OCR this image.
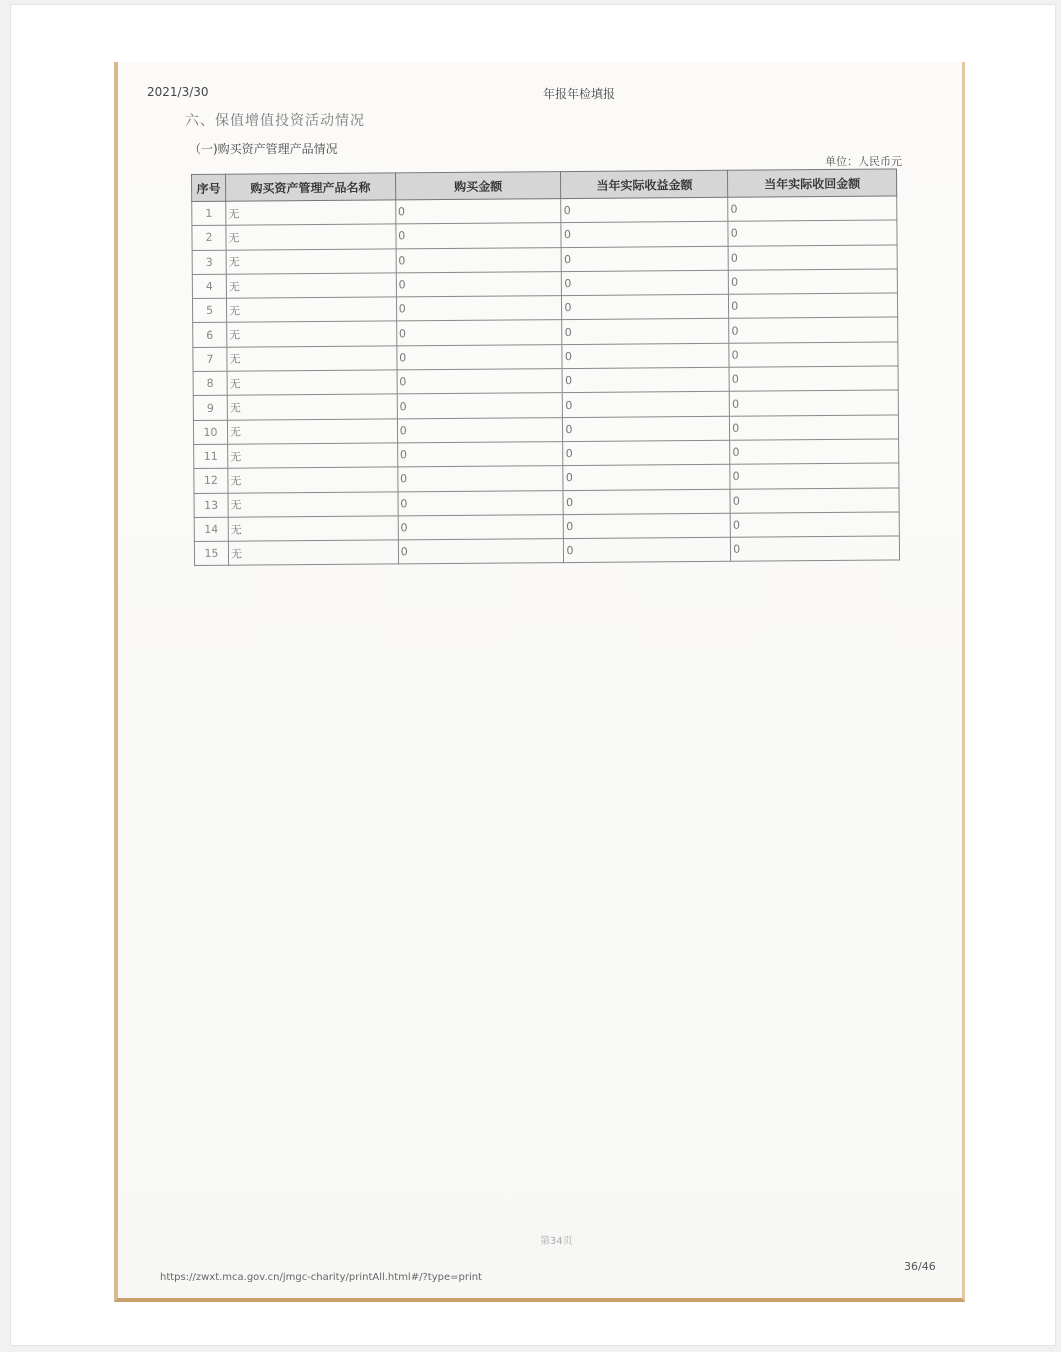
2021/3/30	年报年检填报
六、保值增值投资活动情况
（一)购买资产管理产品情况
单位：人民币元
序号	购买资产管理产品名称	购买金额	当年实际收益金额	当年实际收回金额
1	无	0	0	0
2	无	0	0	0
3	无	0	0	0
4	无	0	0	0
5	无	0	0	0
6	无	0	0	0
7	无	0	0	0
8	无	0	0	0
9	无	0	0	0
10	无	0	0	0
11	无	0	0	0
12	无	0	0	0
13	无	0	0	0
14	无	0	0	0
15	无	0	0	0
第34页
36/46
https://zwxt.mca.gov.cn/jmgc-charity/printAll.html#/?type=print
